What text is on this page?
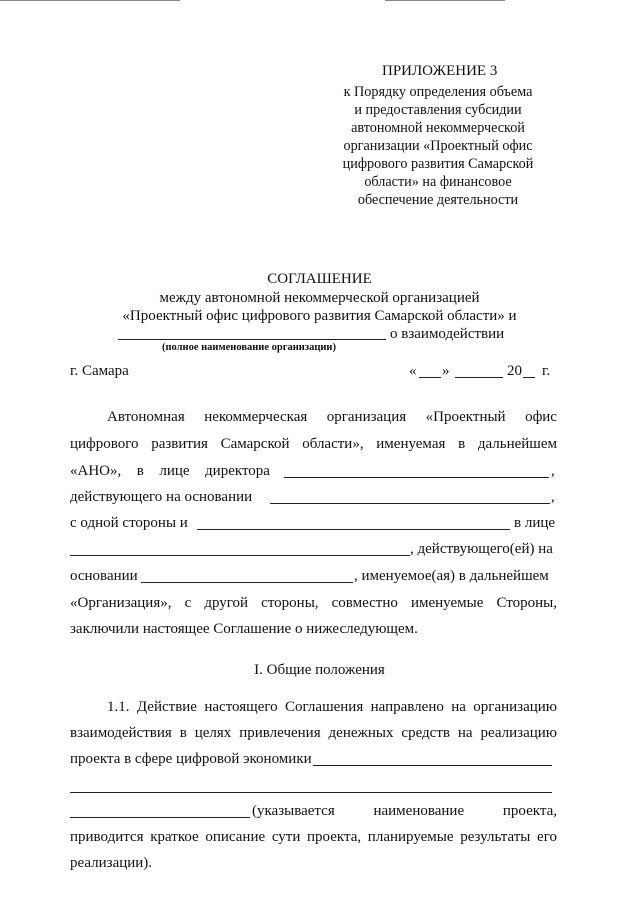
ПРИЛОЖЕНИЕ 3
к Порядку определения объема
и предоставления субсидии
автономной некоммерческой
организации «Проектный офис
цифрового развития Самарской
области» на финансовое
обеспечение деятельности
СОГЛАШЕНИЕ
между автономной некоммерческой организацией
«Проектный офис цифрового развития Самарской области» и
о взаимодействии
(полное наименование организации)
г. Самара	« »	20 г.
Автономная некоммерческая организация «Проектный офис
цифрового развития Самарской области», именуемая в дальнейшем
«АНО», в лице директора	,
действующего на основании	,
с одной стороны и	в лице
, действующего(ей) на
основании	, именуемое(ая) в дальнейшем
«Организация», с другой стороны, совместно именуемые Стороны,
заключили настоящее Соглашение о нижеследующем.
I. Общие положения
1.1. Действие настоящего Соглашения направлено на организацию
взаимодействия в целях привлечения денежных средств на реализацию
проекта в сфере цифровой экономики
(указывается	наименование	проекта,
приводится краткое описание сути проекта, планируемые результаты его
реализации).
